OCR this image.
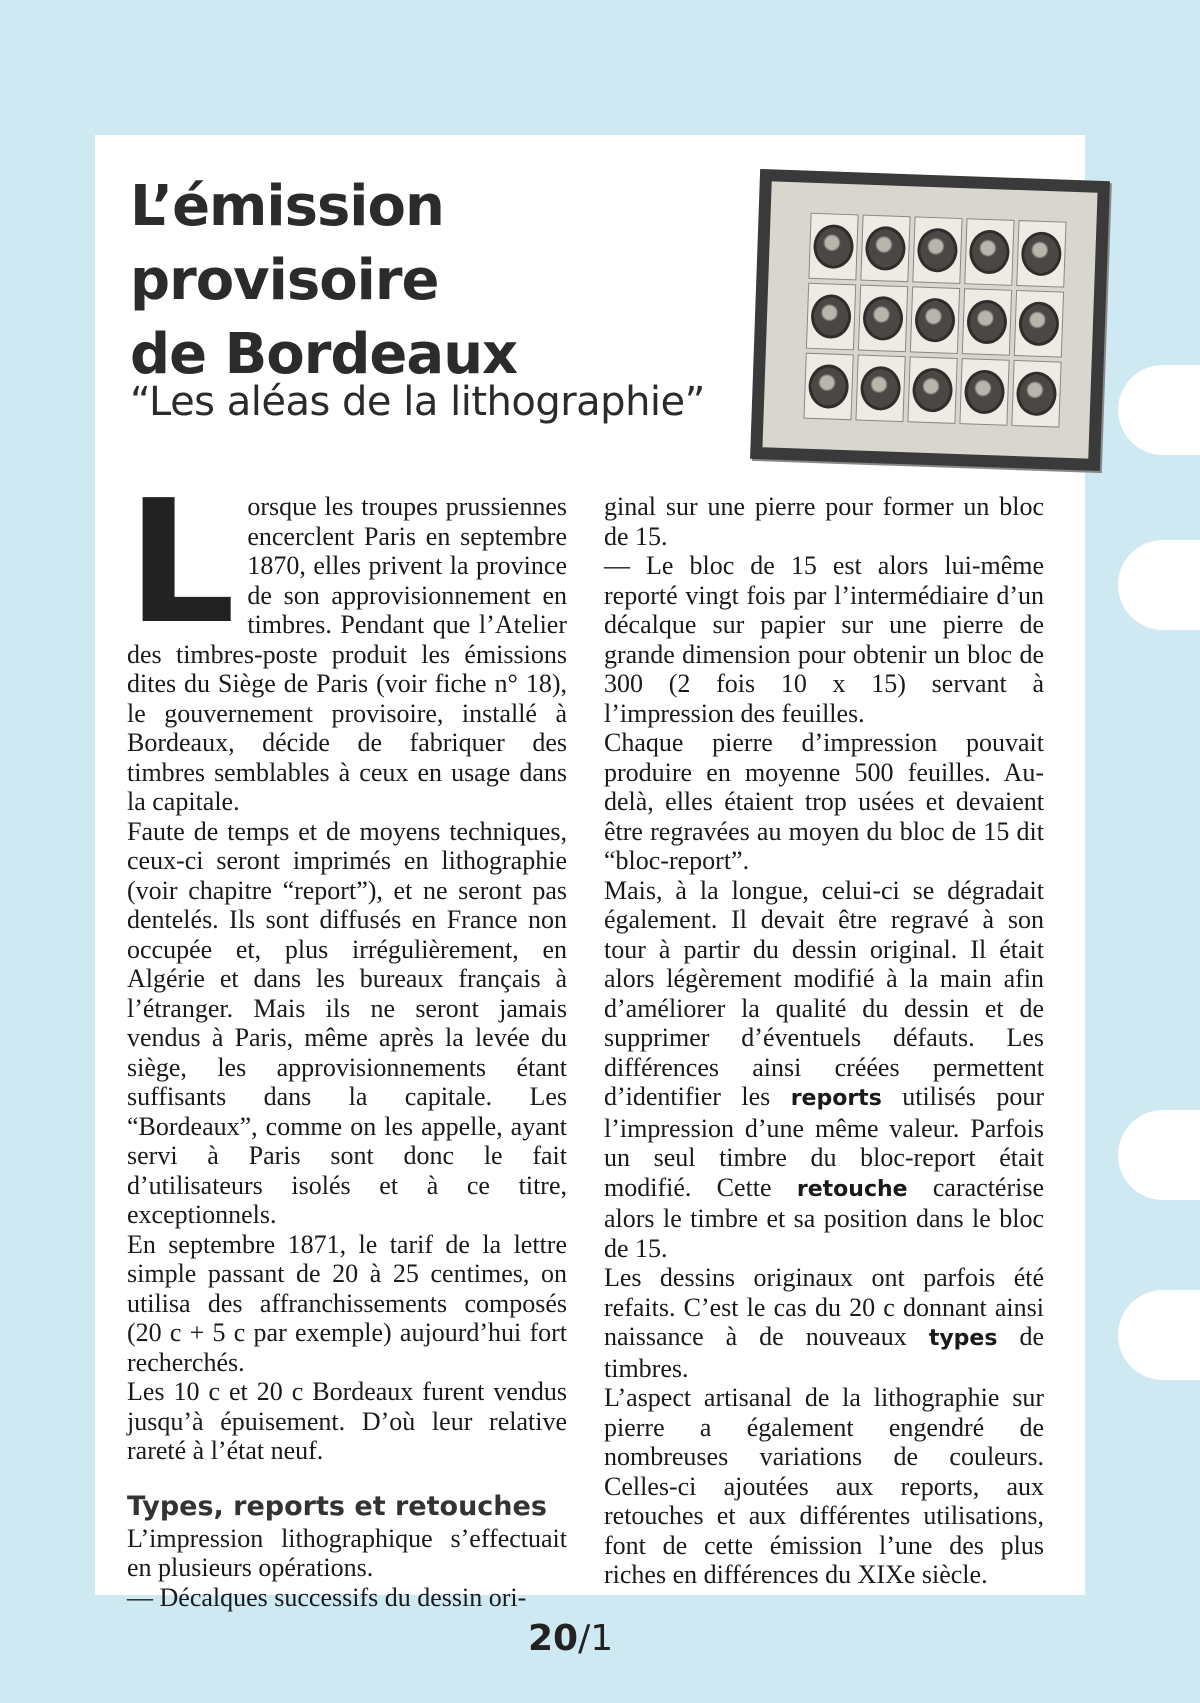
L’émission provisoire
de Bordeaux
“Les aléas de la lithographie”
L orsque les troupes prussiennes encerclent Paris en septembre 1870, elles privent la province de son approvisionnement en timbres. Pendant que l’Atelier des timbres-poste produit les émissions dites du Siège de Paris (voir fiche n° 18), le gouvernement provisoire, installé à Bordeaux, décide de fabriquer des timbres semblables à ceux en usage dans la capitale.

Faute de temps et de moyens techniques, ceux-ci seront imprimés en lithographie (voir chapitre “report”), et ne seront pas dentelés. Ils sont diffusés en France non occupée et, plus irrégulièrement, en Algérie et dans les bureaux français à l’étranger. Mais ils ne seront jamais vendus à Paris, même après la levée du siège, les approvisionnements étant suffisants dans la capitale. Les “Bordeaux”, comme on les appelle, ayant servi à Paris sont donc le fait d’utilisateurs isolés et à ce titre, exceptionnels.

En septembre 1871, le tarif de la lettre simple passant de 20 à 25 centimes, on utilisa des affranchissements composés (20 c + 5 c par exemple) aujourd’hui fort recherchés.

Les 10 c et 20 c Bordeaux furent vendus jusqu’à épuisement. D’où leur relative rareté à l’état neuf.

Types, reports et retouches

L’impression lithographique s’effectuait en plusieurs opérations.

— Décalques successifs du dessin ori-

ginal sur une pierre pour former un bloc de 15.

— Le bloc de 15 est alors lui-même reporté vingt fois par l’intermédiaire d’un décalque sur papier sur une pierre de grande dimension pour obtenir un bloc de 300 (2 fois 10 x 15) servant à l’impression des feuilles.

Chaque pierre d’impression pouvait produire en moyenne 500 feuilles. Au-delà, elles étaient trop usées et devaient être regravées au moyen du bloc de 15 dit “bloc-report”.

Mais, à la longue, celui-ci se dégradait également. Il devait être regravé à son tour à partir du dessin original. Il était alors légèrement modifié à la main afin d’améliorer la qualité du dessin et de supprimer d’éventuels défauts. Les différences ainsi créées permettent d’identifier les reports utilisés pour l’impression d’une même valeur. Parfois un seul timbre du bloc-report était modifié. Cette retouche caractérise alors le timbre et sa position dans le bloc de 15.

Les dessins originaux ont parfois été refaits. C’est le cas du 20 c donnant ainsi naissance à de nouveaux types de timbres.

L’aspect artisanal de la lithographie sur pierre a également engendré de nombreuses variations de couleurs. Celles-ci ajoutées aux reports, aux retouches et aux différentes utilisations, font de cette émission l’une des plus riches en différences du XIXe siècle.

20/1
